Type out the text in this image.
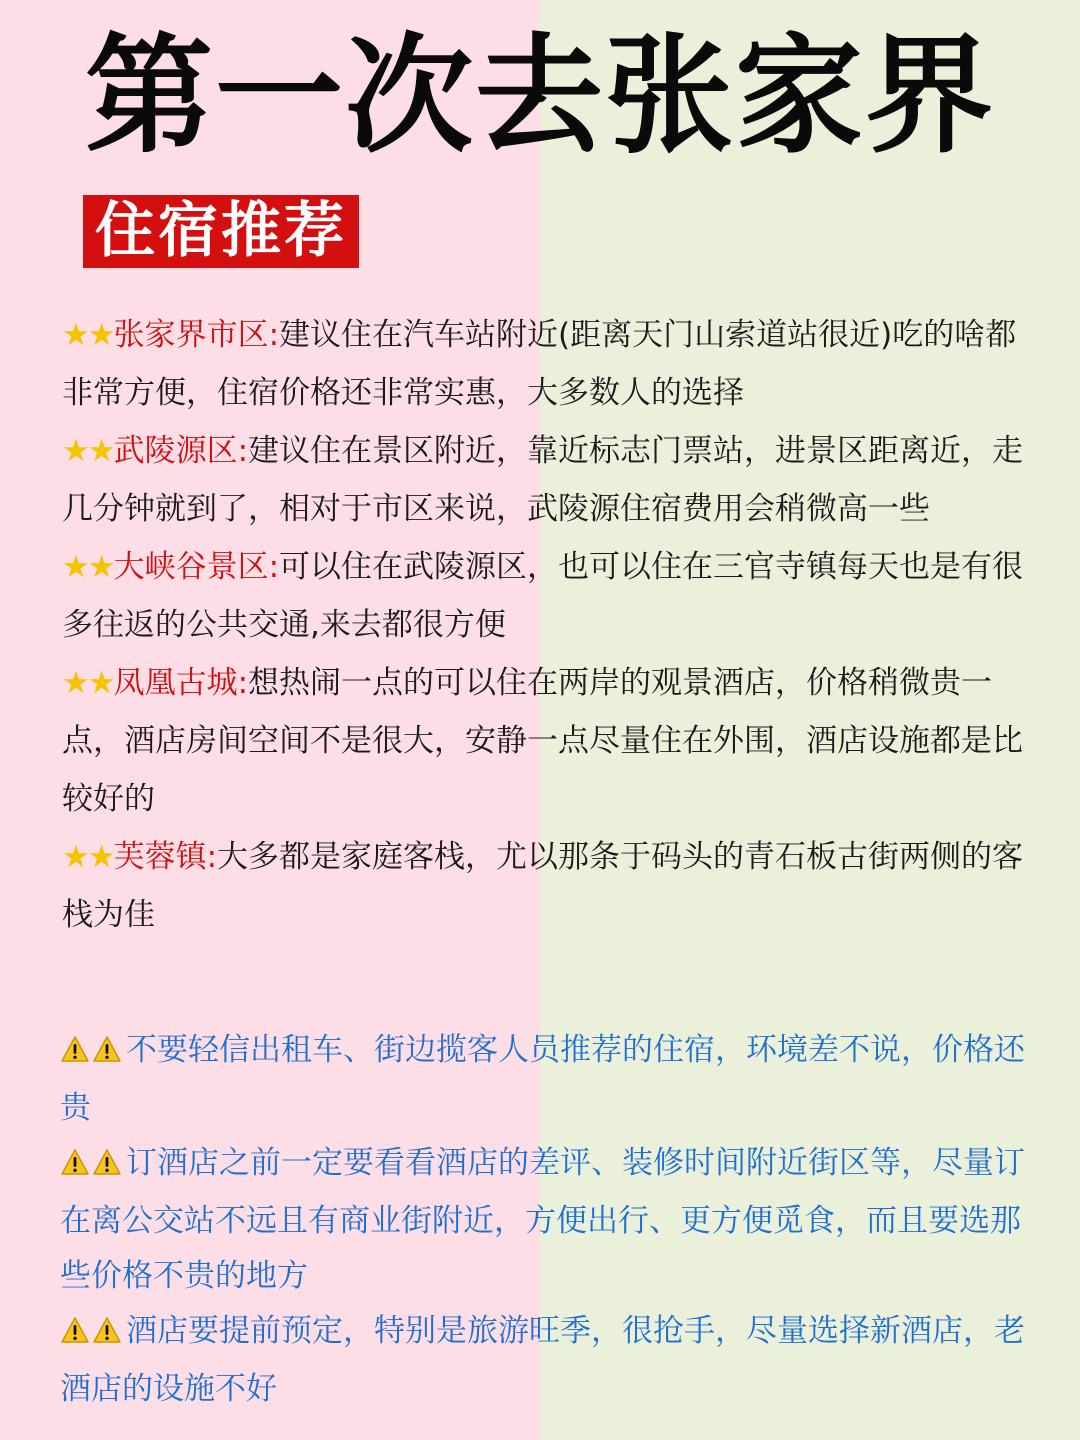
第一次去张家界
住宿推荐

★★张家界市区:建议住在汽车站附近(距离天门山索道站很近)吃的啥都非常方便，住宿价格还非常实惠，大多数人的选择

★★武陵源区:建议住在景区附近，靠近标志门票站，进景区距离近，走几分钟就到了，相对于市区来说，武陵源住宿费用会稍微高一些

★★大峡谷景区:可以住在武陵源区，也可以住在三官寺镇每天也是有很多往返的公共交通,来去都很方便

★★凤凰古城:想热闹一点的可以住在两岸的观景酒店，价格稍微贵一点，酒店房间空间不是很大，安静一点尽量住在外围，酒店设施都是比较好的

★★芙蓉镇:大多都是家庭客栈，尤以那条于码头的青石板古街两侧的客栈为佳

不要轻信出租车、街边揽客人员推荐的住宿，环境差不说，价格还贵

订酒店之前一定要看看酒店的差评、装修时间附近街区等，尽量订在离公交站不远且有商业街附近，方便出行、更方便觅食，而且要选那些价格不贵的地方

酒店要提前预定，特别是旅游旺季，很抢手，尽量选择新酒店，老酒店的设施不好
